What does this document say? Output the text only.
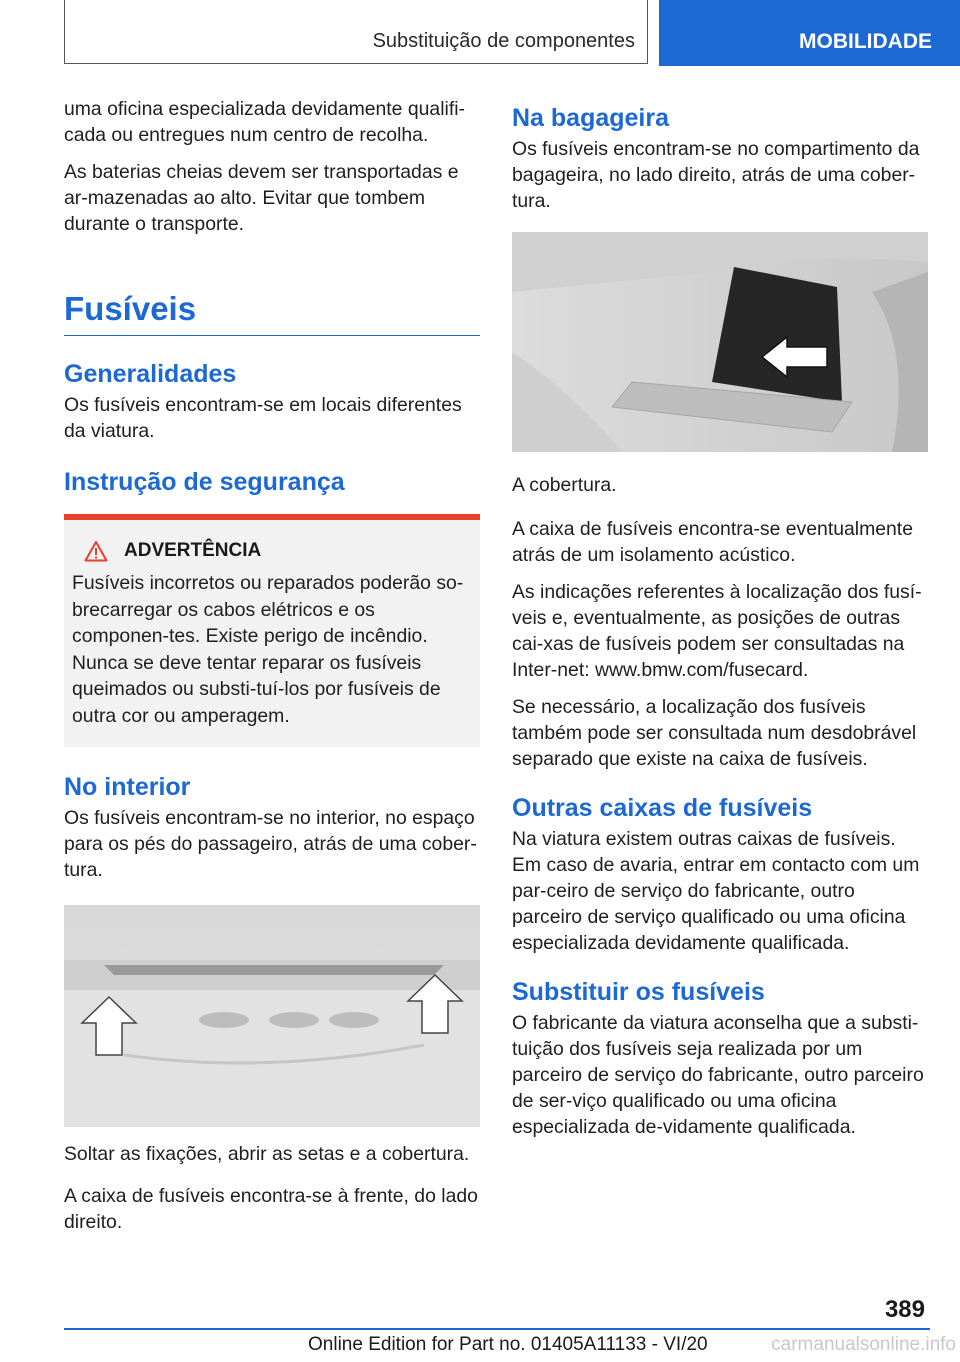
Substituição de componentes	MOBILIDADE

uma oficina especializada devidamente qualifi-cada ou entregues num centro de recolha.

As baterias cheias devem ser transportadas e ar-mazenadas ao alto. Evitar que tombem durante o transporte.

Fusíveis
Generalidades

Os fusíveis encontram-se em locais diferentes da viatura.

Instrução de segurança
ADVERTÊNCIA

Fusíveis incorretos ou reparados poderão so-brecarregar os cabos elétricos e os componen-tes. Existe perigo de incêndio. Nunca se deve tentar reparar os fusíveis queimados ou substi-tuí-los por fusíveis de outra cor ou amperagem.

No interior

Os fusíveis encontram-se no interior, no espaço para os pés do passageiro, atrás de uma cober-tura.

Soltar as fixações, abrir as setas e a cobertura.

A caixa de fusíveis encontra-se à frente, do lado direito.

Na bagageira

Os fusíveis encontram-se no compartimento da bagageira, no lado direito, atrás de uma cober-tura.

A cobertura.

A caixa de fusíveis encontra-se eventualmente atrás de um isolamento acústico.

As indicações referentes à localização dos fusí-veis e, eventualmente, as posições de outras cai-xas de fusíveis podem ser consultadas na Inter-net: www.bmw.com/fusecard.

Se necessário, a localização dos fusíveis também pode ser consultada num desdobrável separado que existe na caixa de fusíveis.

Outras caixas de fusíveis

Na viatura existem outras caixas de fusíveis. Em caso de avaria, entrar em contacto com um par-ceiro de serviço do fabricante, outro parceiro de serviço qualificado ou uma oficina especializada devidamente qualificada.

Substituir os fusíveis

O fabricante da viatura aconselha que a substi-tuição dos fusíveis seja realizada por um parceiro de serviço do fabricante, outro parceiro de ser-viço qualificado ou uma oficina especializada de-vidamente qualificada.

389
Online Edition for Part no. 01405A11133 - VI/20	carmanualsonline.info
